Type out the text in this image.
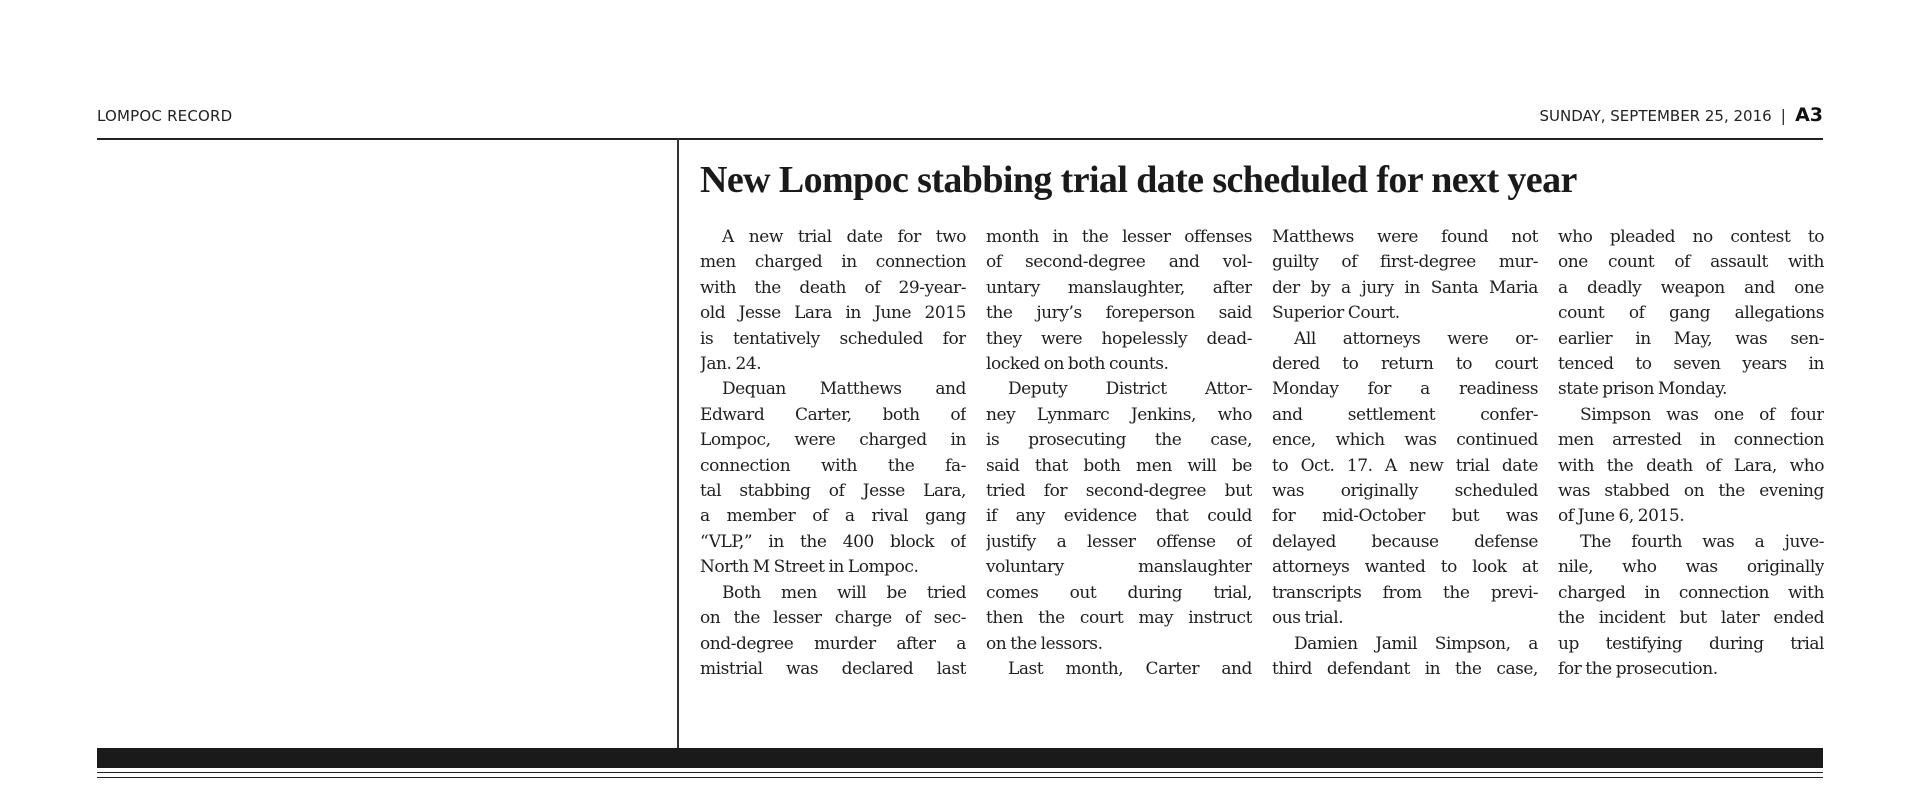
LOMPOC RECORD	SUNDAY, SEPTEMBER 25, 2016 | A3
New Lompoc stabbing trial date scheduled for next year
A new trial date for two
men charged in connection
with the death of 29-year-
old Jesse Lara in June 2015
is tentatively scheduled for
Jan. 24.
Dequan Matthews and
Edward Carter, both of
Lompoc, were charged in
connection with the fa-
tal stabbing of Jesse Lara,
a member of a rival gang
“VLP,” in the 400 block of
North M Street in Lompoc.
Both men will be tried
on the lesser charge of sec-
ond-degree murder after a
mistrial was declared last
month in the lesser offenses
of second-degree and vol-
untary manslaughter, after
the jury’s foreperson said
they were hopelessly dead-
locked on both counts.
Deputy District Attor-
ney Lynmarc Jenkins, who
is prosecuting the case,
said that both men will be
tried for second-degree but
if any evidence that could
justify a lesser offense of
voluntary manslaughter
comes out during trial,
then the court may instruct
on the lessors.
Last month, Carter and
Matthews were found not
guilty of first-degree mur-
der by a jury in Santa Maria
Superior Court.
All attorneys were or-
dered to return to court
Monday for a readiness
and settlement confer-
ence, which was continued
to Oct. 17. A new trial date
was originally scheduled
for mid-October but was
delayed because defense
attorneys wanted to look at
transcripts from the previ-
ous trial.
Damien Jamil Simpson, a
third defendant in the case,
who pleaded no contest to
one count of assault with
a deadly weapon and one
count of gang allegations
earlier in May, was sen-
tenced to seven years in
state prison Monday.
Simpson was one of four
men arrested in connection
with the death of Lara, who
was stabbed on the evening
of June 6, 2015.
The fourth was a juve-
nile, who was originally
charged in connection with
the incident but later ended
up testifying during trial
for the prosecution.
